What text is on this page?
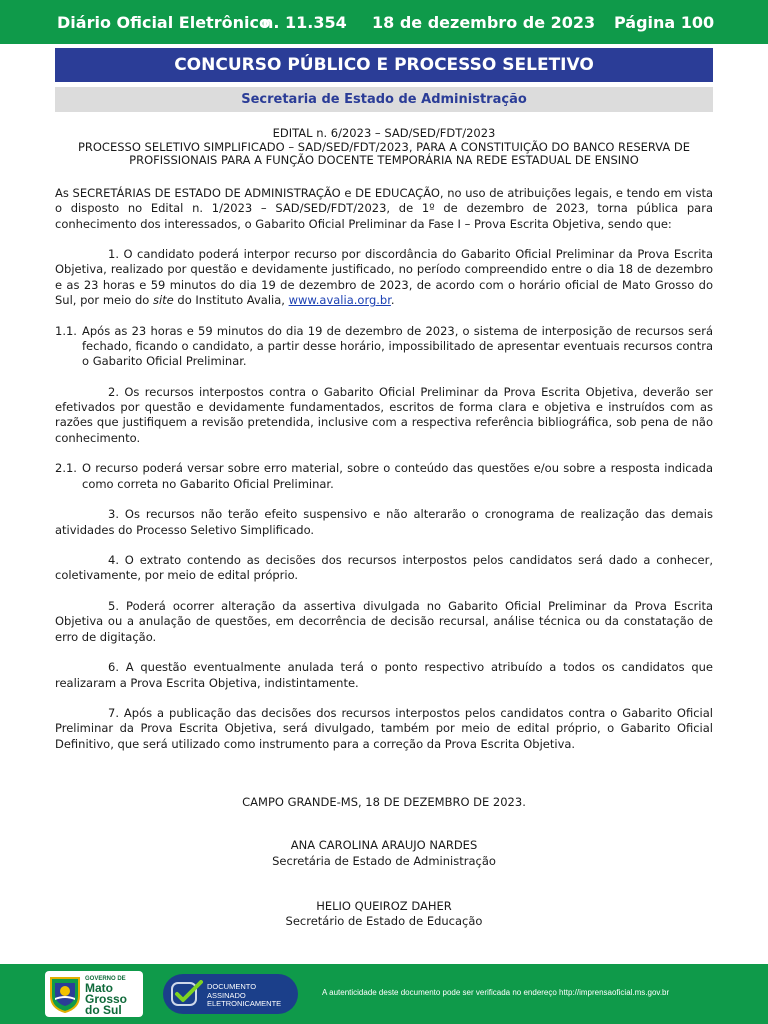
Diário Oficial Eletrônico
n. 11.354 18 de dezembro de 2023 Página 100
CONCURSO PÚBLICO E PROCESSO SELETIVO
Secretaria de Estado de Administração
EDITAL n. 6/2023 – SAD/SED/FDT/2023
PROCESSO SELETIVO SIMPLIFICADO – SAD/SED/FDT/2023, PARA A CONSTITUIÇÃO DO BANCO RESERVA DE
PROFISSIONAIS PARA A FUNÇÃO DOCENTE TEMPORÁRIA NA REDE ESTADUAL DE ENSINO

As SECRETÁRIAS DE ESTADO DE ADMINISTRAÇÃO e DE EDUCAÇÃO, no uso de atribuições legais, e tendo em vista o disposto no Edital n. 1/2023 – SAD/SED/FDT/2023, de 1º de dezembro de 2023, torna pública para conhecimento dos interessados, o Gabarito Oficial Preliminar da Fase I – Prova Escrita Objetiva, sendo que:

1. O candidato poderá interpor recurso por discordância do Gabarito Oficial Preliminar da Prova Escrita Objetiva, realizado por questão e devidamente justificado, no período compreendido entre o dia 18 de dezembro e as 23 horas e 59 minutos do dia 19 de dezembro de 2023, de acordo com o horário oficial de Mato Grosso do Sul, por meio do site do Instituto Avalia, www.avalia.org.br.

1.1. Após as 23 horas e 59 minutos do dia 19 de dezembro de 2023, o sistema de interposição de recursos será fechado, ficando o candidato, a partir desse horário, impossibilitado de apresentar eventuais recursos contra o Gabarito Oficial Preliminar.

2. Os recursos interpostos contra o Gabarito Oficial Preliminar da Prova Escrita Objetiva, deverão ser efetivados por questão e devidamente fundamentados, escritos de forma clara e objetiva e instruídos com as razões que justifiquem a revisão pretendida, inclusive com a respectiva referência bibliográfica, sob pena de não conhecimento.

2.1. O recurso poderá versar sobre erro material, sobre o conteúdo das questões e/ou sobre a resposta indicada como correta no Gabarito Oficial Preliminar.

3. Os recursos não terão efeito suspensivo e não alterarão o cronograma de realização das demais atividades do Processo Seletivo Simplificado.

4. O extrato contendo as decisões dos recursos interpostos pelos candidatos será dado a conhecer, coletivamente, por meio de edital próprio.

5. Poderá ocorrer alteração da assertiva divulgada no Gabarito Oficial Preliminar da Prova Escrita Objetiva ou a anulação de questões, em decorrência de decisão recursal, análise técnica ou da constatação de erro de digitação.

6. A questão eventualmente anulada terá o ponto respectivo atribuído a todos os candidatos que realizaram a Prova Escrita Objetiva, indistintamente.

7. Após a publicação das decisões dos recursos interpostos pelos candidatos contra o Gabarito Oficial Preliminar da Prova Escrita Objetiva, será divulgado, também por meio de edital próprio, o Gabarito Oficial Definitivo, que será utilizado como instrumento para a correção da Prova Escrita Objetiva.

CAMPO GRANDE-MS, 18 DE DEZEMBRO DE 2023.

ANA CAROLINA ARAUJO NARDES

Secretária de Estado de Administração

HELIO QUEIROZ DAHER

Secretário de Estado de Educação

GOVERNO DE
Mato
Grosso
do Sul
DOCUMENTO
ASSINADO
ELETRONICAMENTE
A autenticidade deste documento pode ser verificada no endereço http://imprensaoficial.ms.gov.br
